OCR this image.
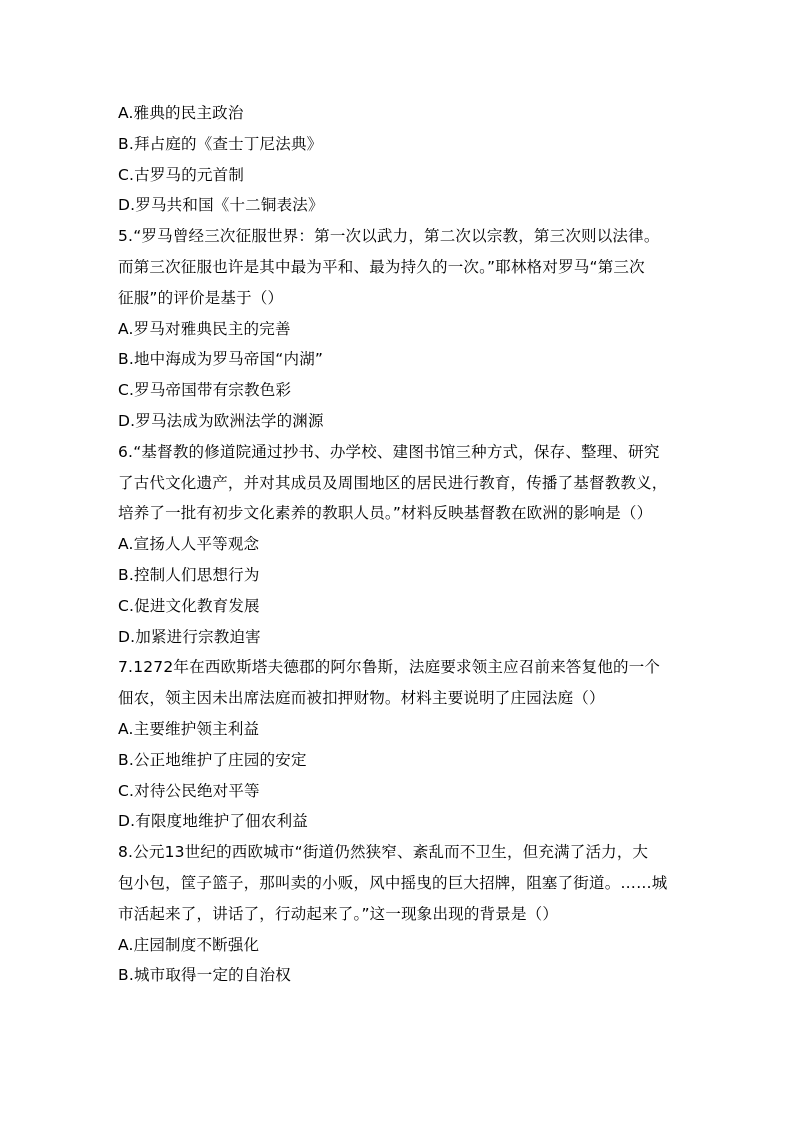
A.雅典的民主政治
B.拜占庭的《查士丁尼法典》
C.古罗马的元首制
D.罗马共和国《十二铜表法》
5.“罗马曾经三次征服世界：第一次以武力，第二次以宗教，第三次则以法律。
而第三次征服也许是其中最为平和、最为持久的一次。”耶林格对罗马“第三次
征服”的评价是基于（）
A.罗马对雅典民主的完善
B.地中海成为罗马帝国“内湖”
C.罗马帝国带有宗教色彩
D.罗马法成为欧洲法学的渊源
6.“基督教的修道院通过抄书、办学校、建图书馆三种方式，保存、整理、研究
了古代文化遗产，并对其成员及周围地区的居民进行教育，传播了基督教教义，
培养了一批有初步文化素养的教职人员。”材料反映基督教在欧洲的影响是（）
A.宣扬人人平等观念
B.控制人们思想行为
C.促进文化教育发展
D.加紧进行宗教迫害
7.1272年在西欧斯塔夫德郡的阿尔鲁斯，法庭要求领主应召前来答复他的一个
佃农，领主因未出席法庭而被扣押财物。材料主要说明了庄园法庭（）
A.主要维护领主利益
B.公正地维护了庄园的安定
C.对待公民绝对平等
D.有限度地维护了佃农利益
8.公元13世纪的西欧城市“街道仍然狭窄、紊乱而不卫生，但充满了活力，大
包小包，筐子篮子，那叫卖的小贩，风中摇曳的巨大招牌，阻塞了街道。……城
市活起来了，讲话了，行动起来了。”这一现象出现的背景是（）
A.庄园制度不断强化
B.城市取得一定的自治权
